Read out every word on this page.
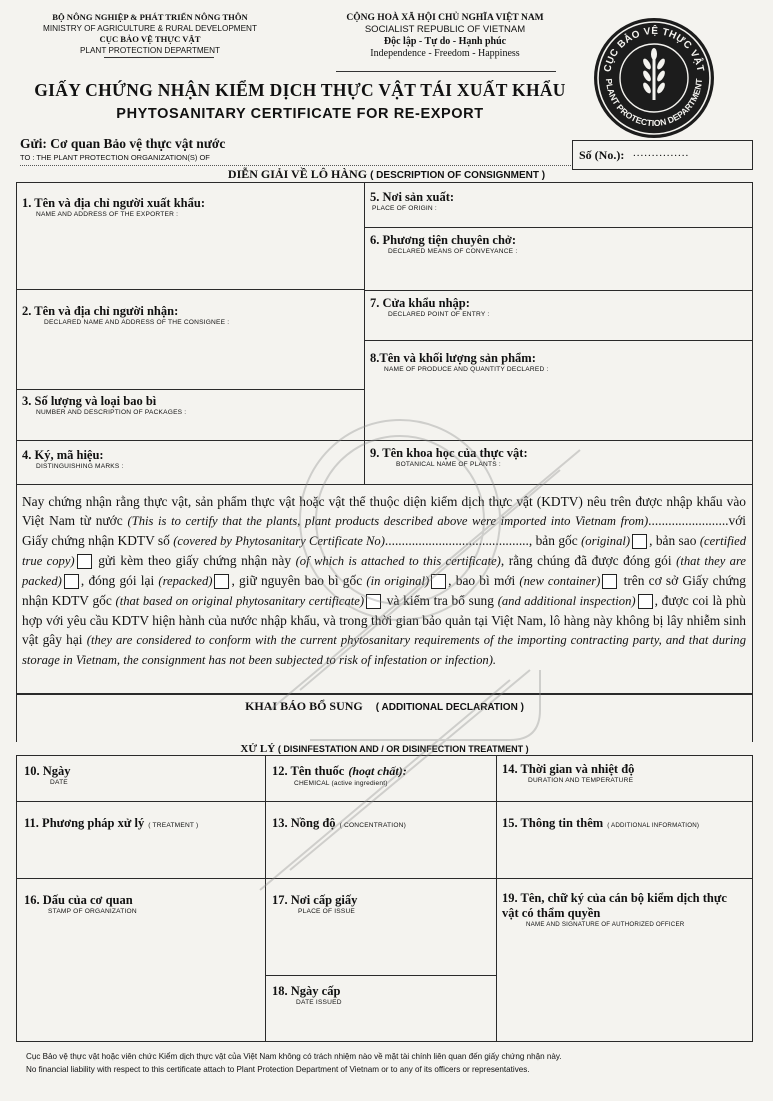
BỘ NÔNG NGHIỆP & PHÁT TRIỂN NÔNG THÔN
MINISTRY OF AGRICULTURE & RURAL DEVELOPMENT
CỤC BẢO VỆ THỰC VẬT
PLANT PROTECTION DEPARTMENT
CỘNG HOÀ XÃ HỘI CHỦ NGHĨA VIỆT NAM
SOCIALIST REPUBLIC OF VIETNAM
Độc lập - Tự do - Hạnh phúc
Independence - Freedom - Happiness
CỤC BẢO VỆ THỰC VẬT
PLANT PROTECTION DEPARTMENT
GIẤY CHỨNG NHẬN KIỂM DỊCH THỰC VẬT TÁI XUẤT KHẨU
PHYTOSANITARY CERTIFICATE FOR RE-EXPORT
Gửi: Cơ quan Bảo vệ thực vật nước
TO : THE PLANT PROTECTION ORGANIZATION(S) OF	Số (No.): ...............
DIỄN GIẢI VỀ LÔ HÀNG ( DESCRIPTION OF CONSIGNMENT )
1. Tên và địa chỉ người xuất khẩu:
NAME AND ADDRESS OF THE EXPORTER :
2. Tên và địa chỉ người nhận:
DECLARED NAME AND ADDRESS OF THE CONSIGNEE :
3. Số lượng và loại bao bì
NUMBER AND DESCRIPTION OF PACKAGES :
4. Ký, mã hiệu:
DISTINGUISHING MARKS :
5. Nơi sản xuất:
PLACE OF ORIGIN :
6. Phương tiện chuyên chở:
DECLARED MEANS OF CONVEYANCE :
7. Cửa khẩu nhập:
DECLARED POINT OF ENTRY :
8.Tên và khối lượng sản phẩm:
NAME OF PRODUCE AND QUANTITY DECLARED :
9. Tên khoa học của thực vật:
BOTANICAL NAME OF PLANTS :
Nay chứng nhận rằng thực vật, sản phẩm thực vật hoặc vật thể thuộc diện kiểm dịch thực vật (KDTV) nêu trên được nhập khẩu vào Việt Nam từ nước (This is to certify that the plants, plant products described above were imported into Vietnam from)........................với Giấy chứng nhận KDTV số (covered by Phytosanitary Certificate No)..........................................., bản gốc (original) , bản sao (certified true copy) gửi kèm theo giấy chứng nhận này (of which is attached to this certificate), rằng chúng đã được đóng gói (that they are packed) , đóng gói lại (repacked) , giữ nguyên bao bì gốc (in original) , bao bì mới (new container) trên cơ sở Giấy chứng nhận KDTV gốc (that based on original phytosanitary certificate) và kiểm tra bổ sung (and additional inspection) , được coi là phù hợp với yêu cầu KDTV hiện hành của nước nhập khẩu, và trong thời gian bảo quản tại Việt Nam, lô hàng này không bị lây nhiễm sinh vật gây hại (they are considered to conform with the current phytosanitary requirements of the importing contracting party, and that during storage in Vietnam, the consignment has not been subjected to risk of infestation or infection).
KHAI BÁO BỔ SUNG ( ADDITIONAL DECLARATION )
XỬ LÝ ( DISINFESTATION AND / OR DISINFECTION TREATMENT )
10. Ngày
DATE
11. Phương pháp xử lý ( TREATMENT )
12. Tên thuốc (hoạt chất):
CHEMICAL (active ingredient)
13. Nồng độ ( CONCENTRATION)
14. Thời gian và nhiệt độ
DURATION AND TEMPERATURE
15. Thông tin thêm ( ADDITIONAL INFORMATION)
16. Dấu của cơ quan
STAMP OF ORGANIZATION
17. Nơi cấp giấy
PLACE OF ISSUE
18. Ngày cấp
DATE ISSUED
19. Tên, chữ ký của cán bộ kiểm dịch thực vật có thẩm quyền
NAME AND SIGNATURE OF AUTHORIZED OFFICER
Cục Bảo vệ thực vật hoặc viên chức Kiểm dịch thực vật của Việt Nam không có trách nhiệm nào về mặt tài chính liên quan đến giấy chứng nhận này.
No financial liability with respect to this certificate attach to Plant Protection Department of Vietnam or to any of its officers or representatives.
